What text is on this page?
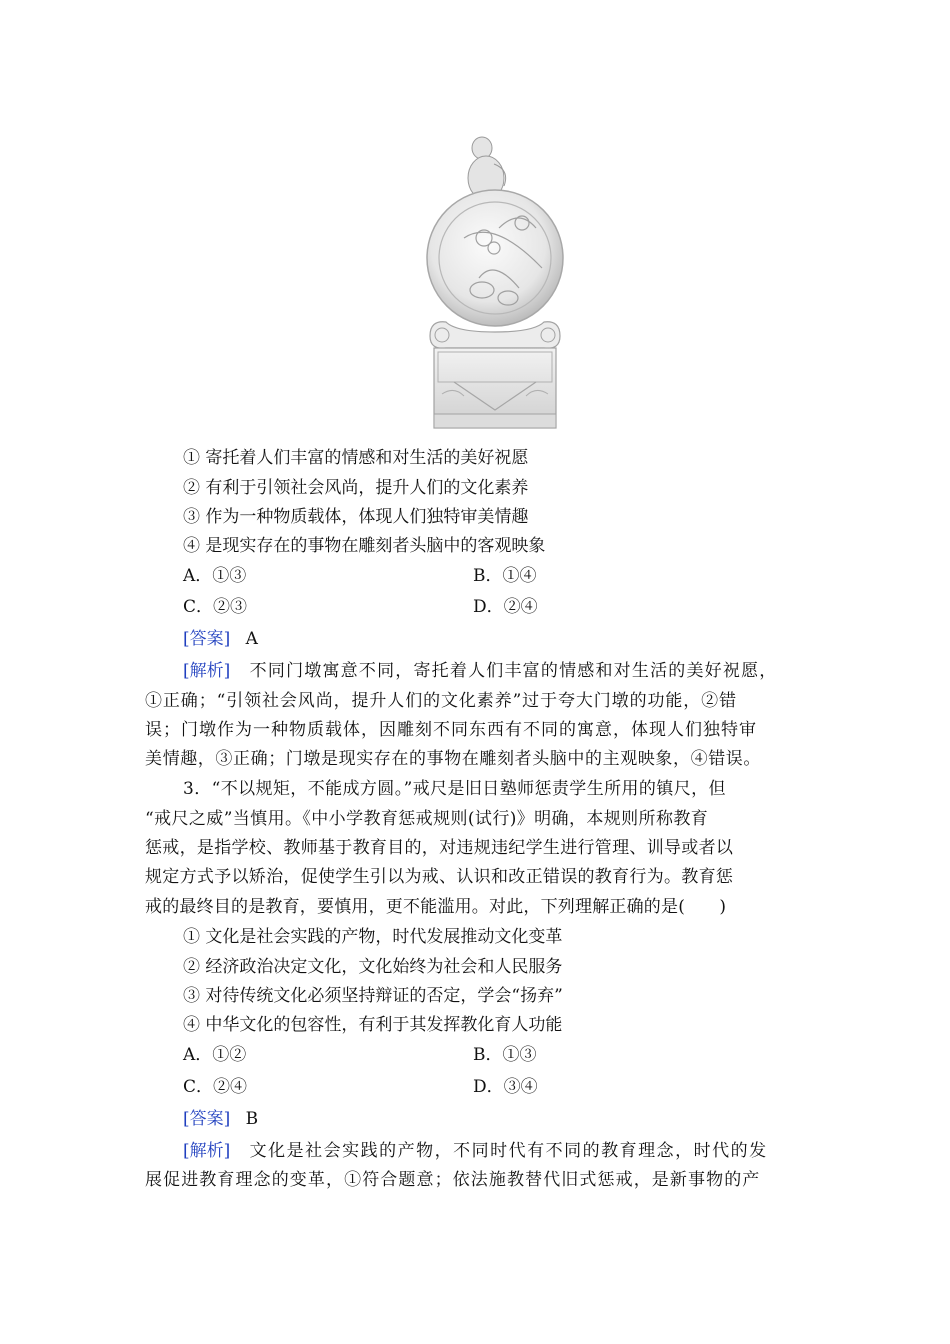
① 寄托着人们丰富的情感和对生活的美好祝愿
② 有利于引领社会风尚，提升人们的文化素养
③ 作为一种物质载体，体现人们独特审美情趣
④ 是现实存在的事物在雕刻者头脑中的客观映象
A．①③	B．①④
C．②③	D．②④
[答案] A
[解析] 不同门墩寓意不同，寄托着人们丰富的情感和对生活的美好祝愿，
①正确；“引领社会风尚，提升人们的文化素养”过于夸大门墩的功能，②错
误；门墩作为一种物质载体，因雕刻不同东西有不同的寓意，体现人们独特审
美情趣，③正确；门墩是现实存在的事物在雕刻者头脑中的主观映象，④错误。
3．“不以规矩，不能成方圆。”戒尺是旧日塾师惩责学生所用的镇尺，但
“戒尺之威”当慎用。《中小学教育惩戒规则(试行)》明确，本规则所称教育
惩戒，是指学校、教师基于教育目的，对违规违纪学生进行管理、训导或者以
规定方式予以矫治，促使学生引以为戒、认识和改正错误的教育行为。教育惩
戒的最终目的是教育，要慎用，更不能滥用。对此，下列理解正确的是(　　)
① 文化是社会实践的产物，时代发展推动文化变革
② 经济政治决定文化，文化始终为社会和人民服务
③ 对待传统文化必须坚持辩证的否定，学会“扬弃”
④ 中华文化的包容性，有利于其发挥教化育人功能
A．①②	B．①③
C．②④	D．③④
[答案] B
[解析] 文化是社会实践的产物，不同时代有不同的教育理念，时代的发
展促进教育理念的变革，①符合题意；依法施教替代旧式惩戒，是新事物的产
